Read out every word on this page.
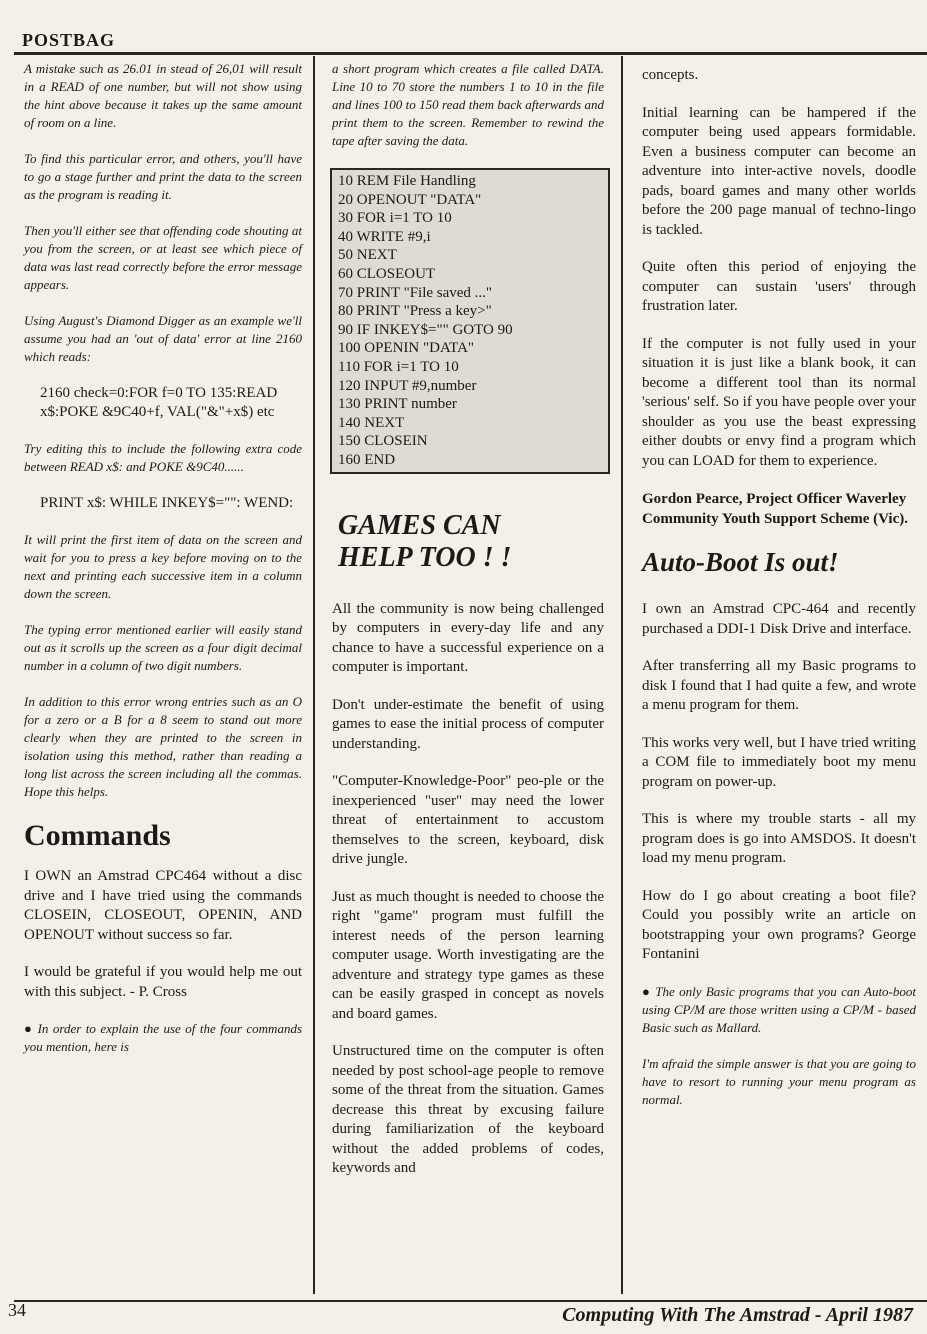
POSTBAG

A mistake such as 26.01 in stead of 26,01 will result in a READ of one number, but will not show using the hint above because it takes up the same amount of room on a line.

To find this particular error, and others, you'll have to go a stage further and print the data to the screen as the program is reading it.

Then you'll either see that offending code shouting at you from the screen, or at least see which piece of data was last read correctly before the error message appears.

Using August's Diamond Digger as an example we'll assume you had an 'out of data' error at line 2160 which reads:

2160 check=0:FOR f=0 TO 135:READ x$:POKE &9C40+f, VAL("&"+x$) etc

Try editing this to include the following extra code between READ x$: and POKE &9C40......

PRINT x$: WHILE INKEY$="": WEND:

It will print the first item of data on the screen and wait for you to press a key before moving on to the next and printing each successive item in a column down the screen.

The typing error mentioned earlier will easily stand out as it scrolls up the screen as a four digit decimal number in a column of two digit numbers.

In addition to this error wrong entries such as an O for a zero or a B for a 8 seem to stand out more clearly when they are printed to the screen in isolation using this method, rather than reading a long list across the screen including all the commas. Hope this helps.

Commands

I OWN an Amstrad CPC464 without a disc drive and I have tried using the commands CLOSEIN, CLOSEOUT, OPENIN, AND OPENOUT without success so far.

I would be grateful if you would help me out with this subject. - P. Cross

● In order to explain the use of the four commands you mention, here is

a short program which creates a file called DATA. Line 10 to 70 store the numbers 1 to 10 in the file and lines 100 to 150 read them back afterwards and print them to the screen. Remember to rewind the tape after saving the data.

10 REM File Handling
20 OPENOUT "DATA"
30 FOR i=1 TO 10
40 WRITE #9,i
50 NEXT
60 CLOSEOUT
70 PRINT "File saved ..."
80 PRINT "Press a key>"
90 IF INKEY$="" GOTO 90
100 OPENIN "DATA"
110 FOR i=1 TO 10
120 INPUT #9,number
130 PRINT number
140 NEXT
150 CLOSEIN
160 END
GAMES CAN
HELP TOO ! !

All the community is now being challenged by computers in every-day life and any chance to have a successful experience on a computer is important.

Don't under-estimate the benefit of using games to ease the initial process of computer understanding.

"Computer-Knowledge-Poor" peo-ple or the inexperienced "user" may need the lower threat of entertainment to accustom themselves to the screen, keyboard, disk drive jungle.

Just as much thought is needed to choose the right "game" program must fulfill the interest needs of the person learning computer usage. Worth investigating are the adventure and strategy type games as these can be easily grasped in concept as novels and board games.

Unstructured time on the computer is often needed by post school-age people to remove some of the threat from the situation. Games decrease this threat by excusing failure during familiarization of the keyboard without the added problems of codes, keywords and

concepts.

Initial learning can be hampered if the computer being used appears formidable. Even a business computer can become an adventure into inter-active novels, doodle pads, board games and many other worlds before the 200 page manual of techno-lingo is tackled.

Quite often this period of enjoying the computer can sustain 'users' through frustration later.

If the computer is not fully used in your situation it is just like a blank book, it can become a different tool than its normal 'serious' self. So if you have people over your shoulder as you use the beast expressing either doubts or envy find a program which you can LOAD for them to experience.

Gordon Pearce, Project Officer Waverley Community Youth Support Scheme (Vic).

Auto-Boot Is out!

I own an Amstrad CPC-464 and recently purchased a DDI-1 Disk Drive and interface.

After transferring all my Basic programs to disk I found that I had quite a few, and wrote a menu program for them.

This works very well, but I have tried writing a COM file to immediately boot my menu program on power-up.

This is where my trouble starts - all my program does is go into AMSDOS. It doesn't load my menu program.

How do I go about creating a boot file? Could you possibly write an article on bootstrapping your own programs? George Fontanini

● The only Basic programs that you can Auto-boot using CP/M are those written using a CP/M - based Basic such as Mallard.

I'm afraid the simple answer is that you are going to have to resort to running your menu program as normal.

34	Computing With The Amstrad - April 1987
